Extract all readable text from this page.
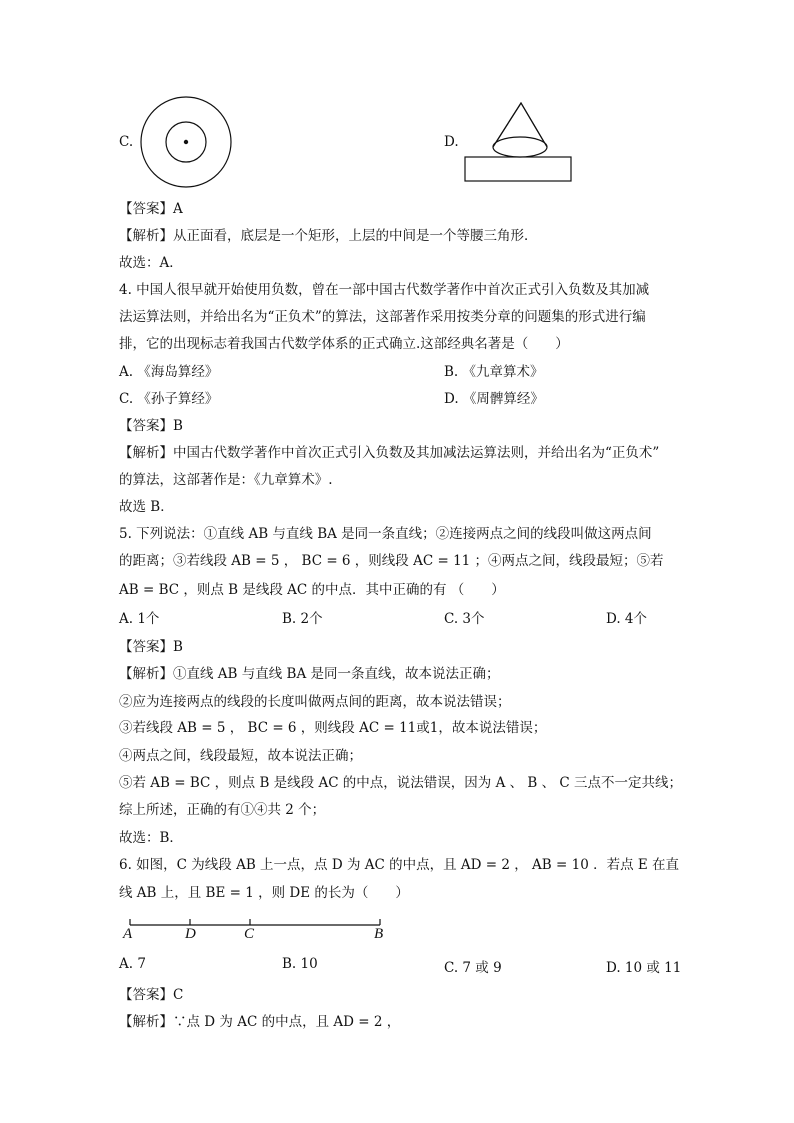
C.	D.
【答案】A
【解析】从正面看，底层是一个矩形，上层的中间是一个等腰三角形．
故选：A．
4. 中国人很早就开始使用负数，曾在一部中国古代数学著作中首次正式引入负数及其加减
法运算法则，并给出名为“正负术”的算法，这部著作采用按类分章的问题集的形式进行编
排，它的出现标志着我国古代数学体系的正式确立.这部经典名著是（　　）
A. 《海岛算经》	B. 《九章算术》
C. 《孙子算经》	D. 《周髀算经》
【答案】B
【解析】中国古代数学著作中首次正式引入负数及其加减法运算法则，并给出名为“正负术”
的算法，这部著作是：《九章算术》.
故选 B．
5. 下列说法：①直线 AB 与直线 BA 是同一条直线；②连接两点之间的线段叫做这两点间
的距离；③若线段 AB = 5 ， BC = 6 ，则线段 AC = 11 ；④两点之间，线段最短；⑤若
AB = BC ，则点 B 是线段 AC 的中点．其中正确的有 （　　）
A. 1个	B. 2个	C. 3个	D. 4个
【答案】B
【解析】①直线 AB 与直线 BA 是同一条直线，故本说法正确；
②应为连接两点的线段的长度叫做两点间的距离，故本说法错误；
③若线段 AB = 5 ， BC = 6 ，则线段 AC = 11或1，故本说法错误；
④两点之间，线段最短，故本说法正确；
⑤若 AB = BC ，则点 B 是线段 AC 的中点，说法错误，因为 A 、 B 、 C 三点不一定共线；
综上所述，正确的有①④共 2 个；
故选：B．
6. 如图，C 为线段 AB 上一点，点 D 为 AC 的中点，且 AD = 2 ， AB = 10 ．若点 E 在直
线 AB 上，且 BE = 1 ，则 DE 的长为（　　）
A	D	C	B
A. 7	B. 10	C. 7 或 9	D. 10 或 11
【答案】C
【解析】∵点 D 为 AC 的中点，且 AD = 2 ，
